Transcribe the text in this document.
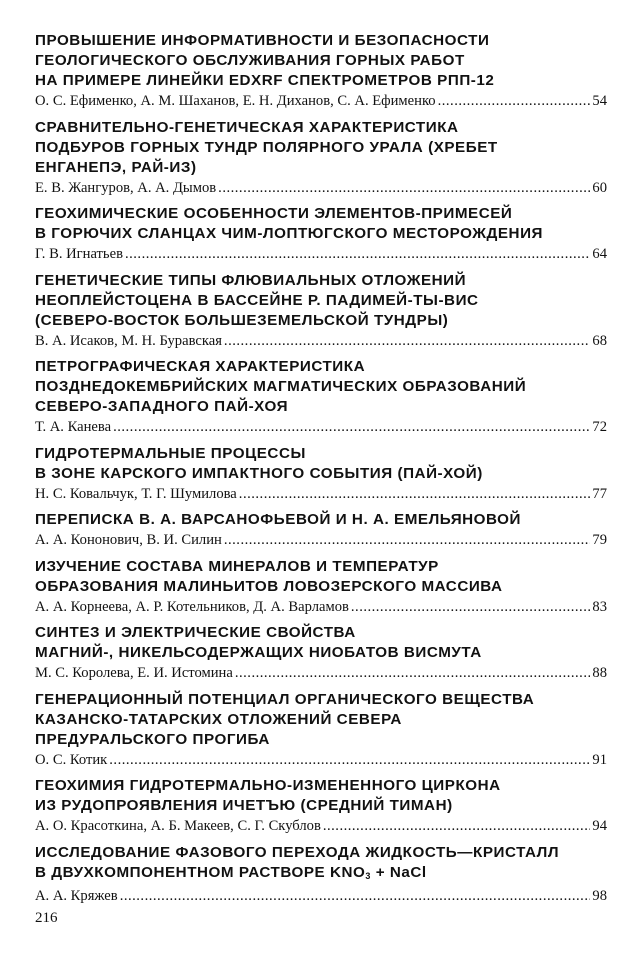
ПРОВЫШЕНИЕ ИНФОРМАТИВНОСТИ И БЕЗОПАСНОСТИ
ГЕОЛОГИЧЕСКОГО ОБСЛУЖИВАНИЯ ГОРНЫХ РАБОТ
НА ПРИМЕРЕ ЛИНЕЙКИ EDXRF СПЕКТРОМЕТРОВ РПП-12
О. С. Ефименко, А. М. Шаханов, Е. Н. Диханов, С. А. Ефименко .....	54
СРАВНИТЕЛЬНО-ГЕНЕТИЧЕСКАЯ ХАРАКТЕРИСТИКА
ПОДБУРОВ ГОРНЫХ ТУНДР ПОЛЯРНОГО УРАЛА (ХРЕБЕТ
ЕНГАНЕПЭ, РАЙ-ИЗ)
Е. В. Жангуров, А. А. Дымов .....	60
ГЕОХИМИЧЕСКИЕ ОСОБЕННОСТИ ЭЛЕМЕНТОВ-ПРИМЕСЕЙ
В ГОРЮЧИХ СЛАНЦАХ ЧИМ-ЛОПТЮГСКОГО МЕСТОРОЖДЕНИЯ
Г. В. Игнатьев .....	64
ГЕНЕТИЧЕСКИЕ ТИПЫ ФЛЮВИАЛЬНЫХ ОТЛОЖЕНИЙ
НЕОПЛЕЙСТОЦЕНА В БАССЕЙНЕ Р. ПАДИМЕЙ-ТЫ-ВИС
(СЕВЕРО-ВОСТОК БОЛЬШЕЗЕМЕЛЬСКОЙ ТУНДРЫ)
В. А. Исаков, М. Н. Буравская .....	68
ПЕТРОГРАФИЧЕСКАЯ ХАРАКТЕРИСТИКА
ПОЗДНЕДОКЕМБРИЙСКИХ МАГМАТИЧЕСКИХ ОБРАЗОВАНИЙ
СЕВЕРО-ЗАПАДНОГО ПАЙ-ХОЯ
Т. А. Канева .....	72
ГИДРОТЕРМАЛЬНЫЕ ПРОЦЕССЫ
В ЗОНЕ КАРСКОГО ИМПАКТНОГО СОБЫТИЯ (ПАЙ-ХОЙ)
Н. С. Ковальчук, Т. Г. Шумилова .....	77
ПЕРЕПИСКА В. А. ВАРСАНОФЬЕВОЙ И Н. А. ЕМЕЛЬЯНОВОЙ
А. А. Кононович, В. И. Силин .....	79
ИЗУЧЕНИЕ СОСТАВА МИНЕРАЛОВ И ТЕМПЕРАТУР
ОБРАЗОВАНИЯ МАЛИНЬИТОВ ЛОВОЗЕРСКОГО МАССИВА
А. А. Корнеева, А. Р. Котельников, Д. А. Варламов .....	83
СИНТЕЗ И ЭЛЕКТРИЧЕСКИЕ СВОЙСТВА
МАГНИЙ-, НИКЕЛЬСОДЕРЖАЩИХ НИОБАТОВ ВИСМУТА
М. С. Королева, Е. И. Истомина .....	88
ГЕНЕРАЦИОННЫЙ ПОТЕНЦИАЛ ОРГАНИЧЕСКОГО ВЕЩЕСТВА
КАЗАНСКО-ТАТАРСКИХ ОТЛОЖЕНИЙ СЕВЕРА
ПРЕДУРАЛЬСКОГО ПРОГИБА
О. С. Котик .....	91
ГЕОХИМИЯ ГИДРОТЕРМАЛЬНО-ИЗМЕНЕННОГО ЦИРКОНА
ИЗ РУДОПРОЯВЛЕНИЯ ИЧЕТЪЮ (СРЕДНИЙ ТИМАН)
А. О. Красоткина, А. Б. Макеев, С. Г. Скублов .....	94
ИССЛЕДОВАНИЕ ФАЗОВОГО ПЕРЕХОДА ЖИДКОСТЬ—КРИСТАЛЛ
В ДВУХКОМПОНЕНТНОМ РАСТВОРЕ $KNO_3$ + NaCl
А. А. Кряжев .....	98
216
